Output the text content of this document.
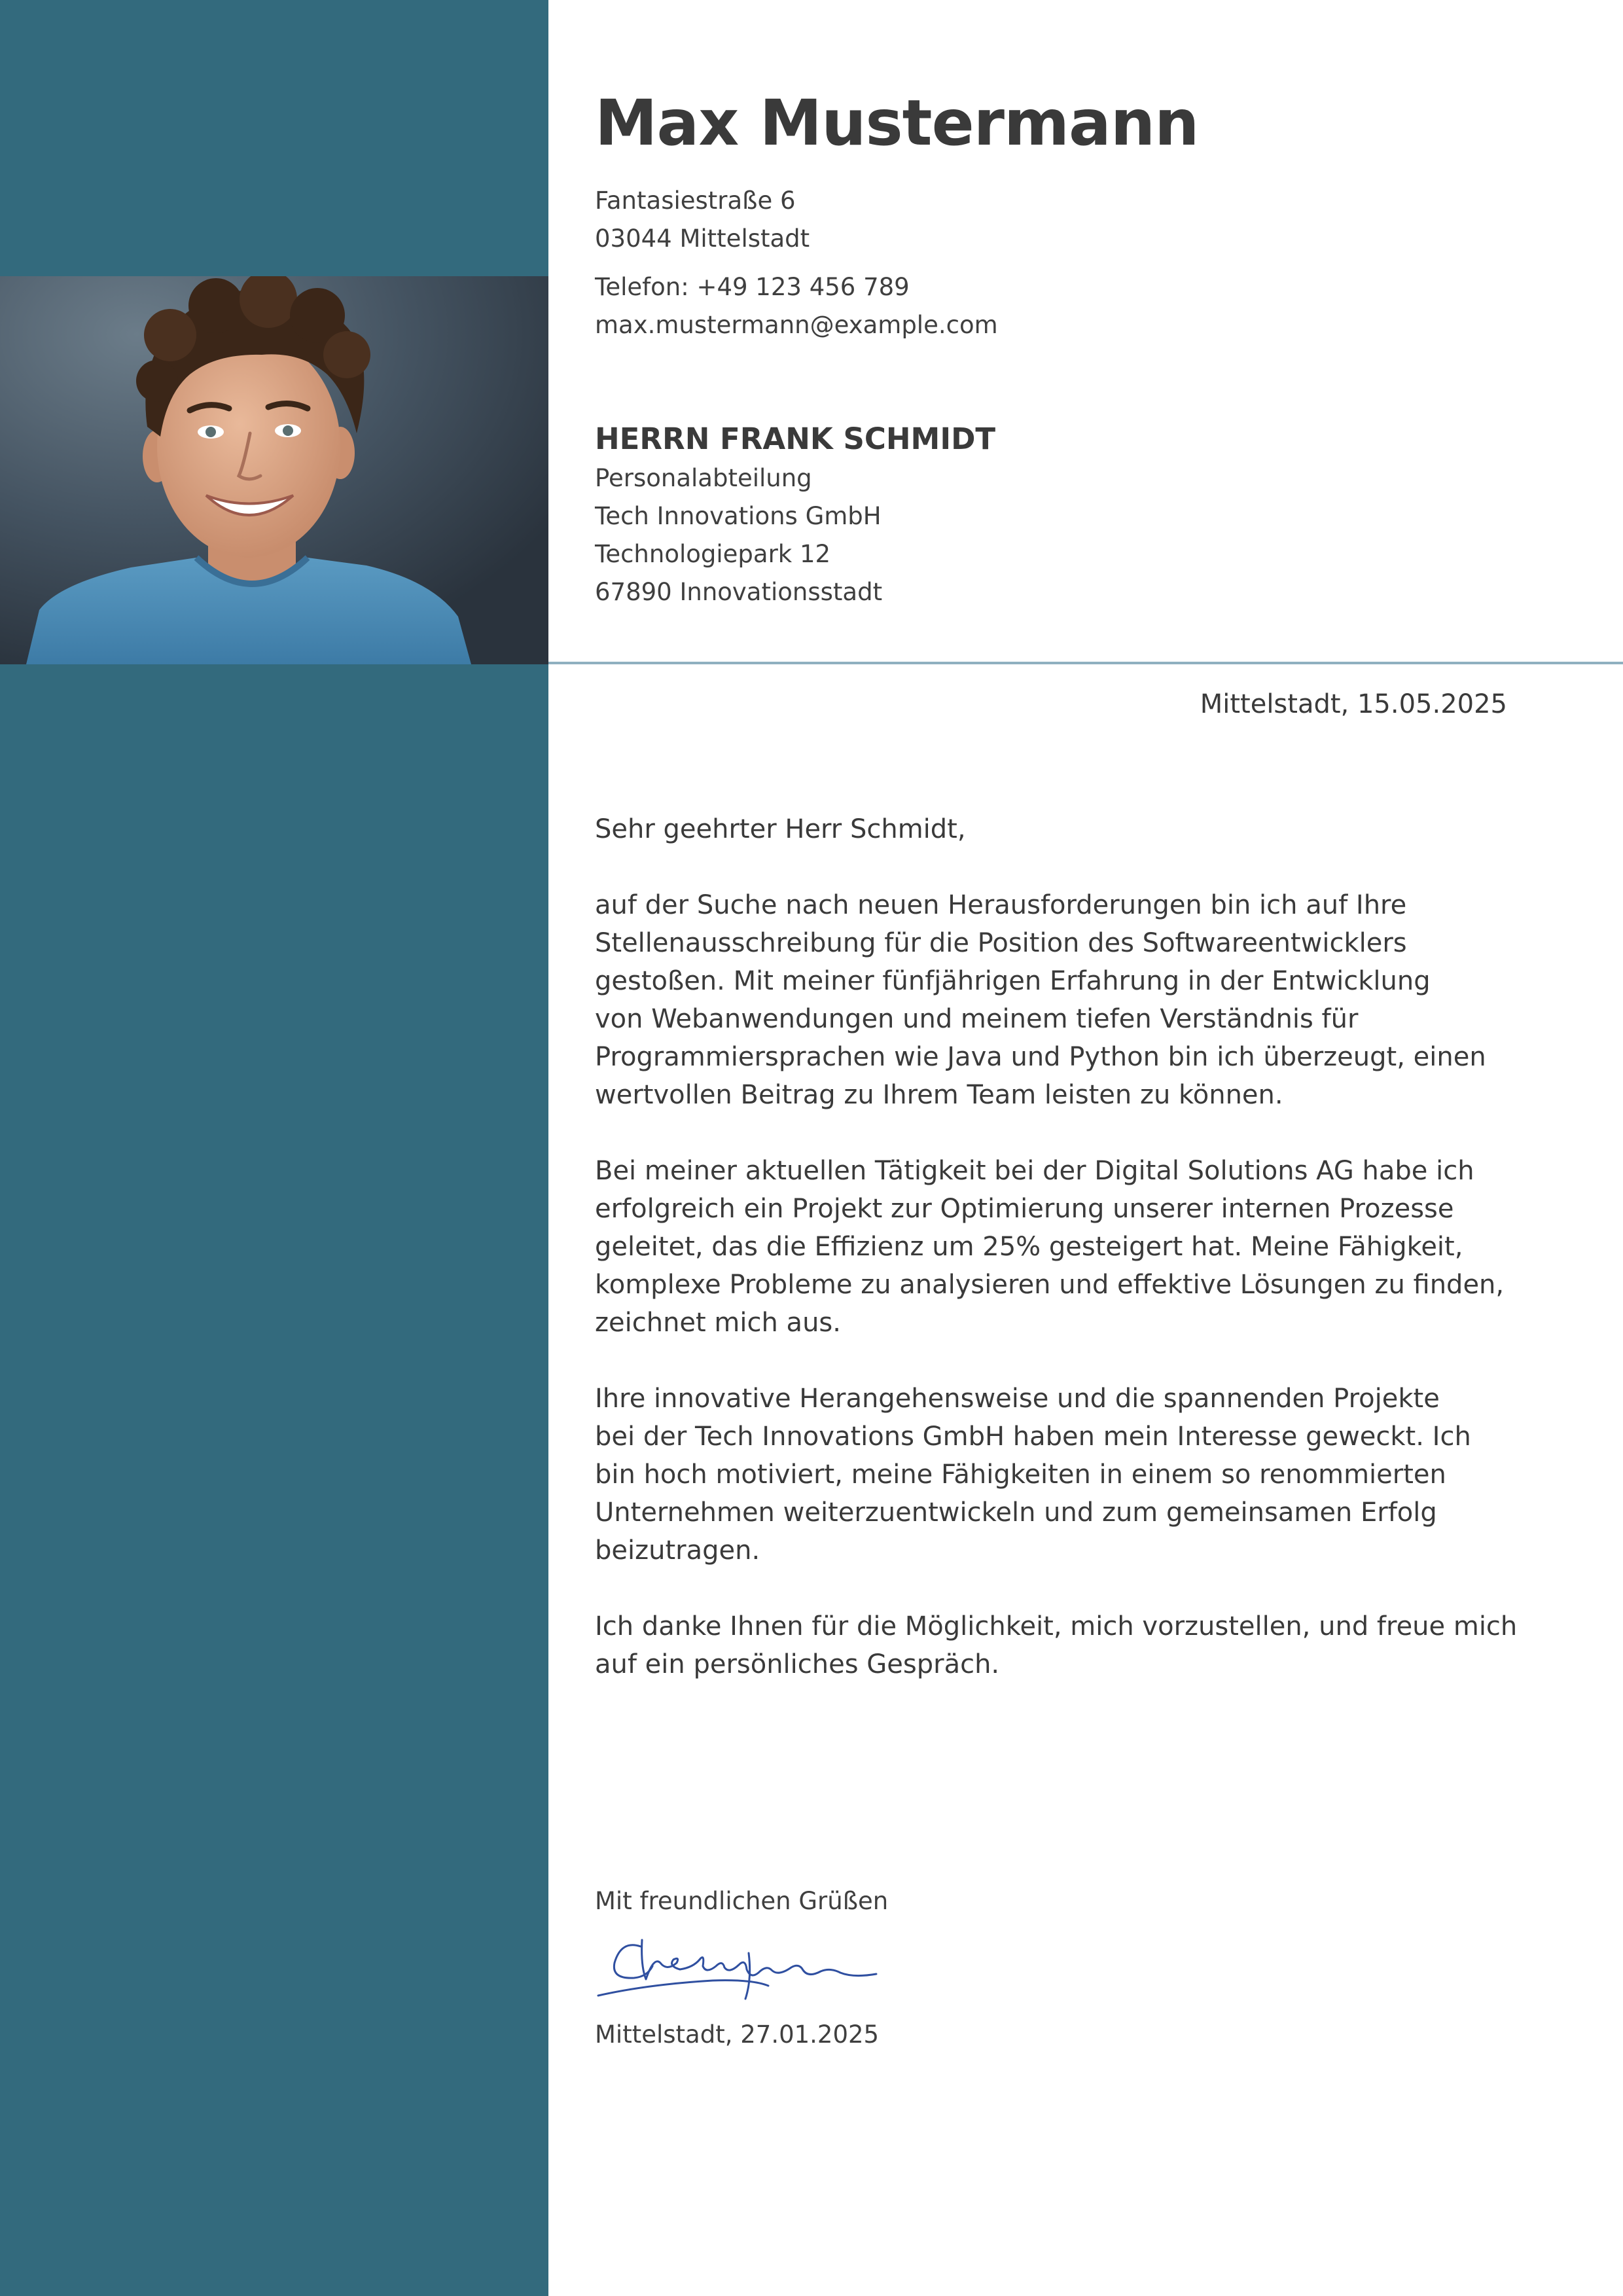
Max Mustermann
Fantasiestraße 6
03044 Mittelstadt
Telefon: +49 123 456 789
max.mustermann@example.com
HERRN FRANK SCHMIDT
Personalabteilung
Tech Innovations GmbH
Technologiepark 12
67890 Innovationsstadt
Mittelstadt, 15.05.2025

Sehr geehrter Herr Schmidt,

auf der Suche nach neuen Herausforderungen bin ich auf Ihre
Stellenausschreibung für die Position des Softwareentwicklers
gestoßen. Mit meiner fünfjährigen Erfahrung in der Entwicklung
von Webanwendungen und meinem tiefen Verständnis für
Programmiersprachen wie Java und Python bin ich überzeugt, einen
wertvollen Beitrag zu Ihrem Team leisten zu können.

Bei meiner aktuellen Tätigkeit bei der Digital Solutions AG habe ich
erfolgreich ein Projekt zur Optimierung unserer internen Prozesse
geleitet, das die Effizienz um 25% gesteigert hat. Meine Fähigkeit,
komplexe Probleme zu analysieren und effektive Lösungen zu finden,
zeichnet mich aus.

Ihre innovative Herangehensweise und die spannenden Projekte
bei der Tech Innovations GmbH haben mein Interesse geweckt. Ich
bin hoch motiviert, meine Fähigkeiten in einem so renommierten
Unternehmen weiterzuentwickeln und zum gemeinsamen Erfolg
beizutragen.

Ich danke Ihnen für die Möglichkeit, mich vorzustellen, und freue mich
auf ein persönliches Gespräch.

Mit freundlichen Grüßen
Mittelstadt, 27.01.2025
